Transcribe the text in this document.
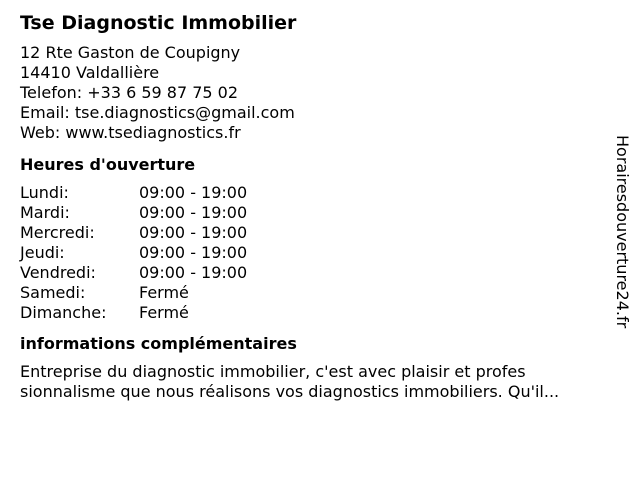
Tse Diagnostic Immobilier
12 Rte Gaston de Coupigny
14410 Valdallière
Telefon: +33 6 59 87 75 02
Email: tse.diagnostics@gmail.com
Web: www.tsediagnostics.fr
Heures d'ouverture
Lundi:	09:00 - 19:00
Mardi:	09:00 - 19:00
Mercredi:	09:00 - 19:00
Jeudi:	09:00 - 19:00
Vendredi:	09:00 - 19:00
Samedi:	Fermé
Dimanche:	Fermé
informations complémentaires
Entreprise du diagnostic immobilier, c'est avec plaisir et profes
sionnalisme que nous réalisons vos diagnostics immobiliers. Qu'il...
Horairesdouverture24.fr
